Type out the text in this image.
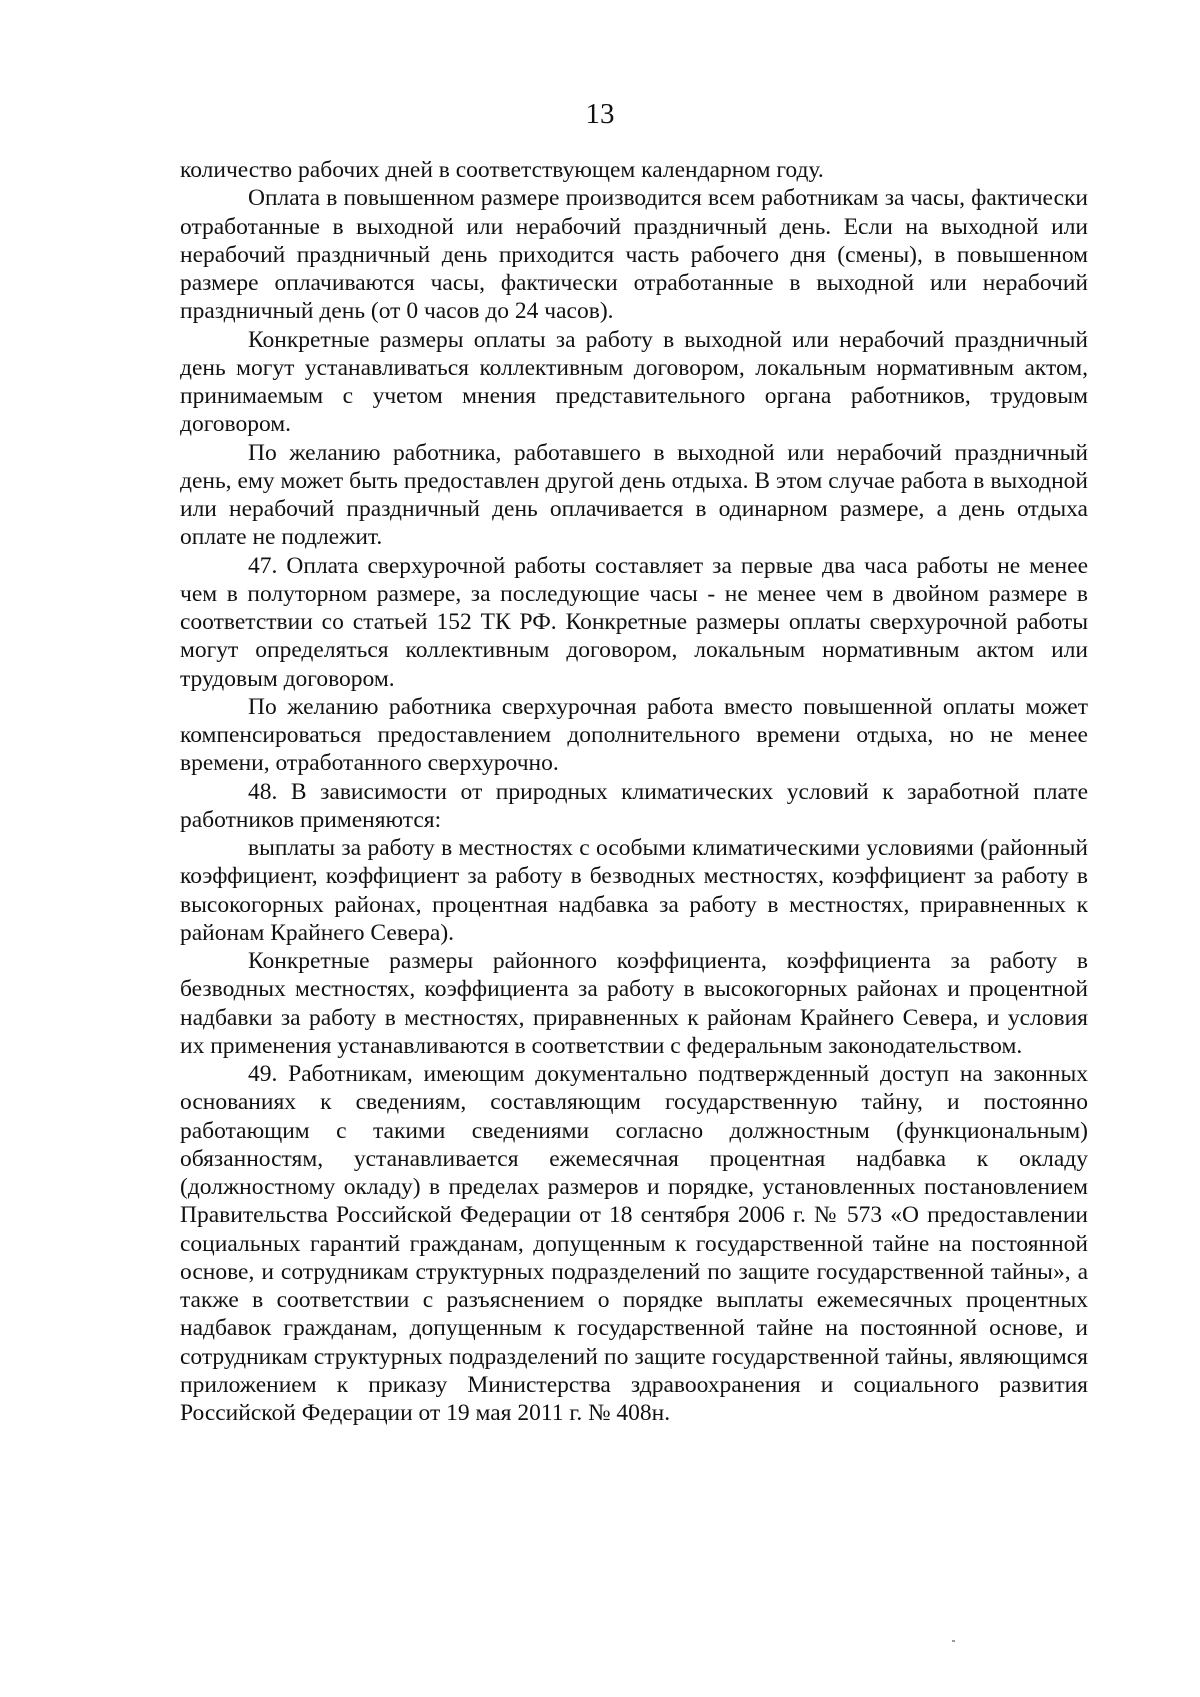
13

количество рабочих дней в соответствующем календарном году.

Оплата в повышенном размере производится всем работникам за часы, фактически отработанные в выходной или нерабочий праздничный день. Если на выходной или нерабочий праздничный день приходится часть рабочего дня (смены), в повышенном размере оплачиваются часы, фактически отработанные в выходной или нерабочий праздничный день (от 0 часов до 24 часов).

Конкретные размеры оплаты за работу в выходной или нерабочий праздничный день могут устанавливаться коллективным договором, локальным нормативным актом, принимаемым с учетом мнения представительного органа работников, трудовым договором.

По желанию работника, работавшего в выходной или нерабочий праздничный день, ему может быть предоставлен другой день отдыха. В этом случае работа в выходной или нерабочий праздничный день оплачивается в одинарном размере, а день отдыха оплате не подлежит.

47. Оплата сверхурочной работы составляет за первые два часа работы не менее чем в полуторном размере, за последующие часы - не менее чем в двойном размере в соответствии со статьей 152 ТК РФ. Конкретные размеры оплаты сверхурочной работы могут определяться коллективным договором, локальным нормативным актом или трудовым договором.

По желанию работника сверхурочная работа вместо повышенной оплаты может компенсироваться предоставлением дополнительного времени отдыха, но не менее времени, отработанного сверхурочно.

48. В зависимости от природных климатических условий к заработной плате работников применяются:

выплаты за работу в местностях с особыми климатическими условиями (районный коэффициент, коэффициент за работу в безводных местностях, коэффициент за работу в высокогорных районах, процентная надбавка за работу в местностях, приравненных к районам Крайнего Севера).

Конкретные размеры районного коэффициента, коэффициента за работу в безводных местностях, коэффициента за работу в высокогорных районах и процентной надбавки за работу в местностях, приравненных к районам Крайнего Севера, и условия их применения устанавливаются в соответствии с федеральным законодательством.

49. Работникам, имеющим документально подтвержденный доступ на законных основаниях к сведениям, составляющим государственную тайну, и постоянно работающим с такими сведениями согласно должностным (функциональным) обязанностям, устанавливается ежемесячная процентная надбавка к окладу (должностному окладу) в пределах размеров и порядке, установленных постановлением Правительства Российской Федерации от 18 сентября 2006 г. № 573 «О предоставлении социальных гарантий гражданам, допущенным к государственной тайне на постоянной основе, и сотрудникам структурных подразделений по защите государственной тайны», а также в соответствии с разъяснением о порядке выплаты ежемесячных процентных надбавок гражданам, допущенным к государственной тайне на постоянной основе, и сотрудникам структурных подразделений по защите государственной тайны, являющимся приложением к приказу Министерства здравоохранения и социального развития Российской Федерации от 19 мая 2011 г. № 408н.
